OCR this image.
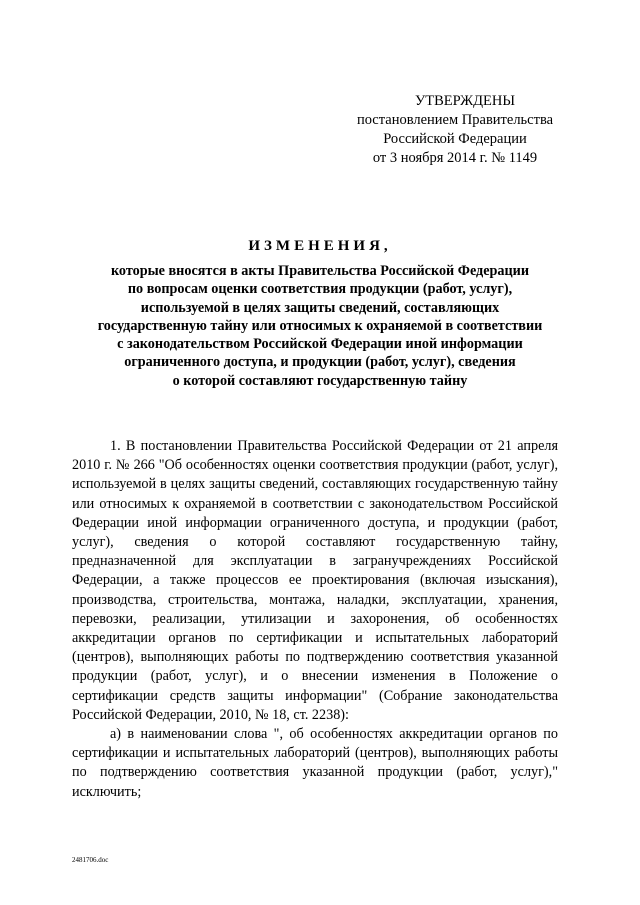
УТВЕРЖДЕНЫ
постановлением Правительства
Российской Федерации
от 3 ноября 2014 г. № 1149
ИЗМЕНЕНИЯ,
которые вносятся в акты Правительства Российской Федерации
по вопросам оценки соответствия продукции (работ, услуг),
используемой в целях защиты сведений, составляющих
государственную тайну или относимых к охраняемой в соответствии
с законодательством Российской Федерации иной информации
ограниченного доступа, и продукции (работ, услуг), сведения
о которой составляют государственную тайну

1. В постановлении Правительства Российской Федерации от 21 апреля 2010 г. № 266 "Об особенностях оценки соответствия продукции (работ, услуг), используемой в целях защиты сведений, составляющих государственную тайну или относимых к охраняемой в соответствии с законодательством Российской Федерации иной информации ограниченного доступа, и продукции (работ, услуг), сведения о которой составляют государственную тайну, предназначенной для эксплуатации в загранучреждениях Российской Федерации, а также процессов ее проектирования (включая изыскания), производства, строительства, монтажа, наладки, эксплуатации, хранения, перевозки, реализации, утилизации и захоронения, об особенностях аккредитации органов по сертификации и испытательных лабораторий (центров), выполняющих работы по подтверждению соответствия указанной продукции (работ, услуг), и о внесении изменения в Положение о сертификации средств защиты информации" (Собрание законодательства Российской Федерации, 2010, № 18, ст. 2238):

а) в наименовании слова ", об особенностях аккредитации органов по сертификации и испытательных лабораторий (центров), выполняющих работы по подтверждению соответствия указанной продукции (работ, услуг)," исключить;

2481706.doc
